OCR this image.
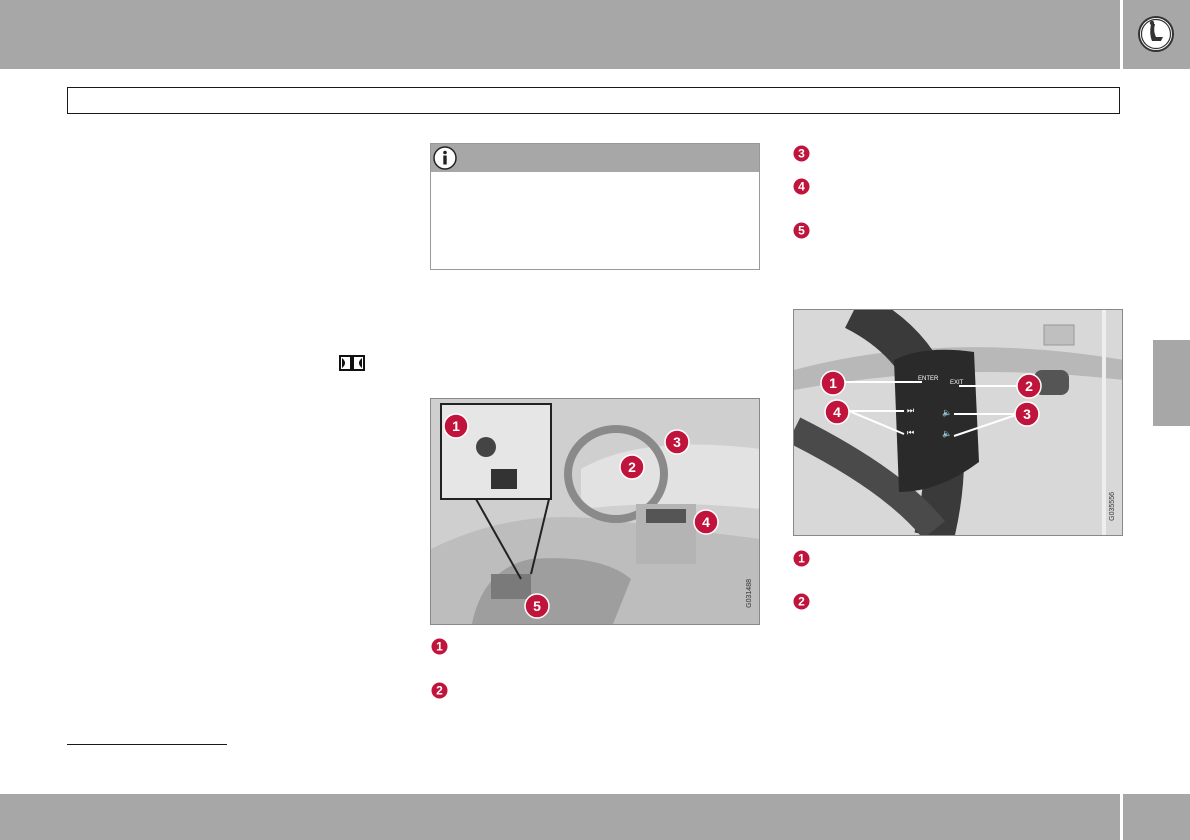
3
4
5
G031488
1
2
3
4
5
1
2
ENTER
EXIT
⏭
⏮
🔈
🔈
G035556
1	2
4	3
1
2
